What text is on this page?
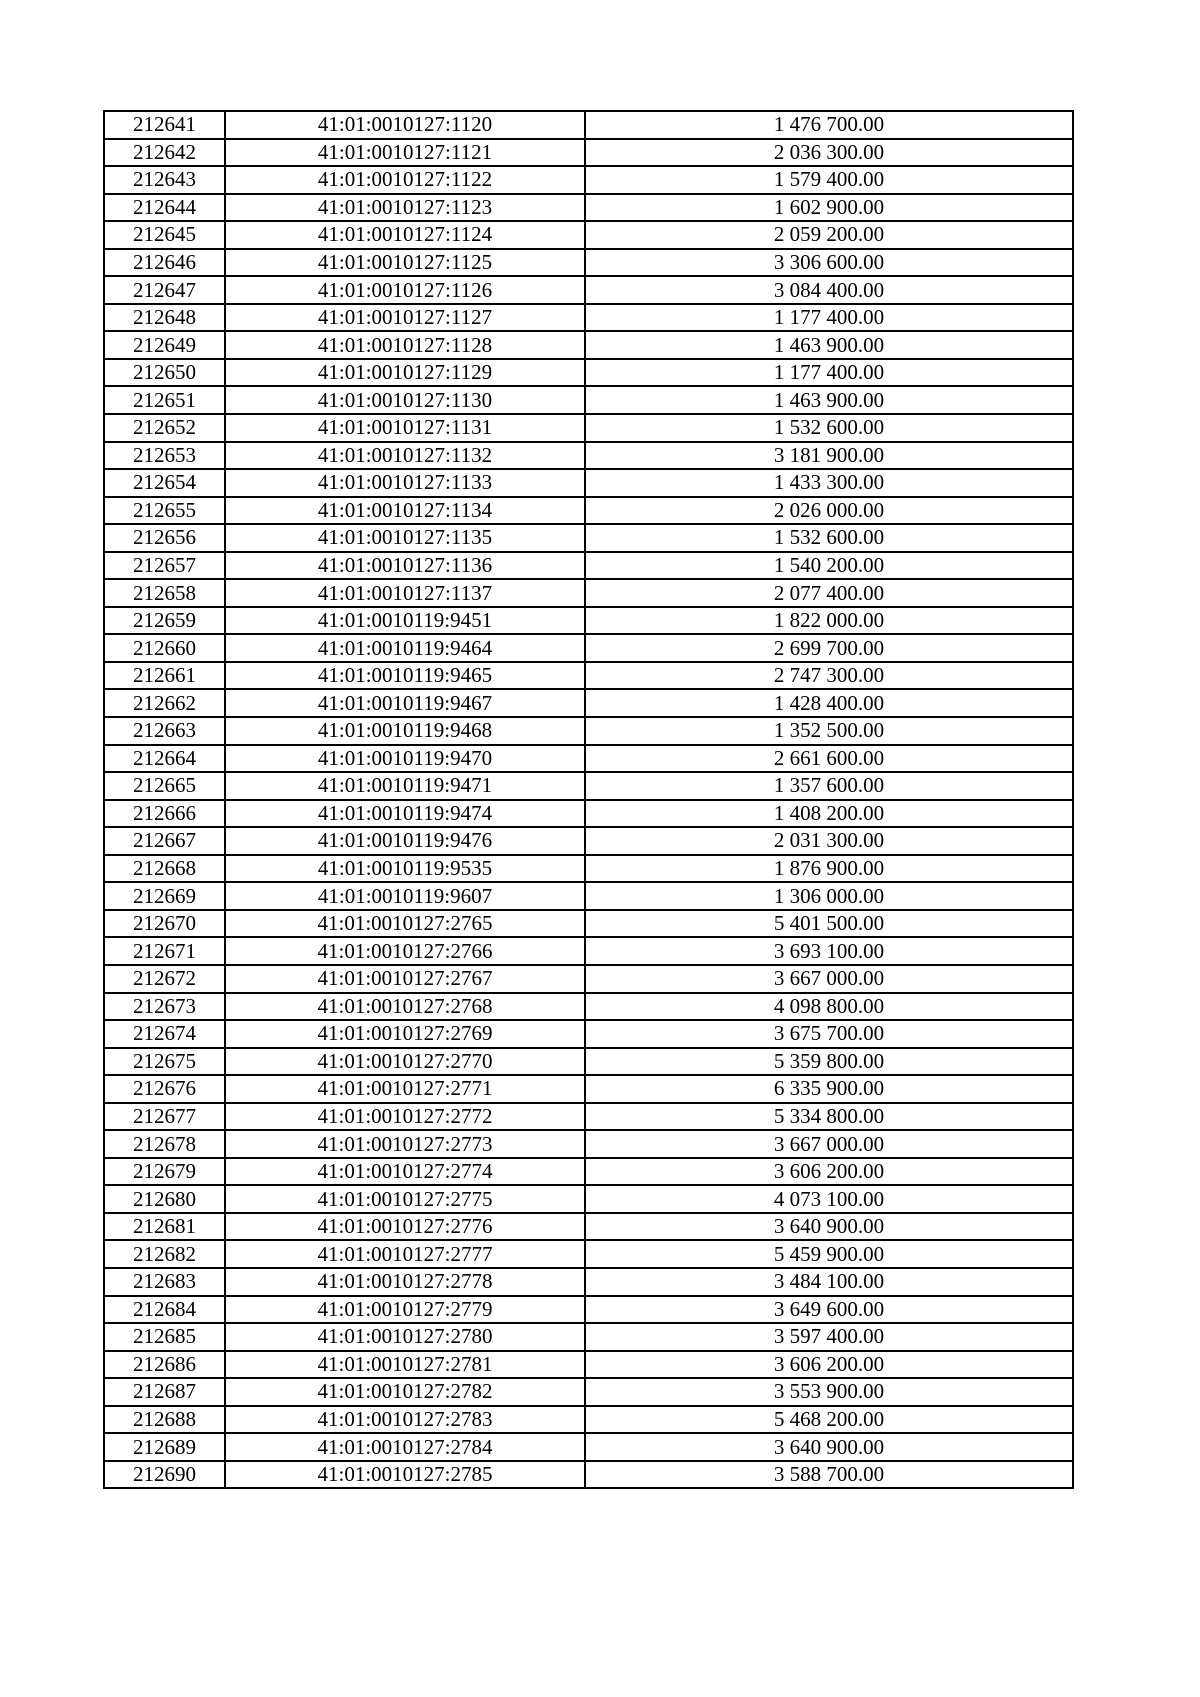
212641	41:01:0010127:1120	1 476 700.00
212642	41:01:0010127:1121	2 036 300.00
212643	41:01:0010127:1122	1 579 400.00
212644	41:01:0010127:1123	1 602 900.00
212645	41:01:0010127:1124	2 059 200.00
212646	41:01:0010127:1125	3 306 600.00
212647	41:01:0010127:1126	3 084 400.00
212648	41:01:0010127:1127	1 177 400.00
212649	41:01:0010127:1128	1 463 900.00
212650	41:01:0010127:1129	1 177 400.00
212651	41:01:0010127:1130	1 463 900.00
212652	41:01:0010127:1131	1 532 600.00
212653	41:01:0010127:1132	3 181 900.00
212654	41:01:0010127:1133	1 433 300.00
212655	41:01:0010127:1134	2 026 000.00
212656	41:01:0010127:1135	1 532 600.00
212657	41:01:0010127:1136	1 540 200.00
212658	41:01:0010127:1137	2 077 400.00
212659	41:01:0010119:9451	1 822 000.00
212660	41:01:0010119:9464	2 699 700.00
212661	41:01:0010119:9465	2 747 300.00
212662	41:01:0010119:9467	1 428 400.00
212663	41:01:0010119:9468	1 352 500.00
212664	41:01:0010119:9470	2 661 600.00
212665	41:01:0010119:9471	1 357 600.00
212666	41:01:0010119:9474	1 408 200.00
212667	41:01:0010119:9476	2 031 300.00
212668	41:01:0010119:9535	1 876 900.00
212669	41:01:0010119:9607	1 306 000.00
212670	41:01:0010127:2765	5 401 500.00
212671	41:01:0010127:2766	3 693 100.00
212672	41:01:0010127:2767	3 667 000.00
212673	41:01:0010127:2768	4 098 800.00
212674	41:01:0010127:2769	3 675 700.00
212675	41:01:0010127:2770	5 359 800.00
212676	41:01:0010127:2771	6 335 900.00
212677	41:01:0010127:2772	5 334 800.00
212678	41:01:0010127:2773	3 667 000.00
212679	41:01:0010127:2774	3 606 200.00
212680	41:01:0010127:2775	4 073 100.00
212681	41:01:0010127:2776	3 640 900.00
212682	41:01:0010127:2777	5 459 900.00
212683	41:01:0010127:2778	3 484 100.00
212684	41:01:0010127:2779	3 649 600.00
212685	41:01:0010127:2780	3 597 400.00
212686	41:01:0010127:2781	3 606 200.00
212687	41:01:0010127:2782	3 553 900.00
212688	41:01:0010127:2783	5 468 200.00
212689	41:01:0010127:2784	3 640 900.00
212690	41:01:0010127:2785	3 588 700.00
